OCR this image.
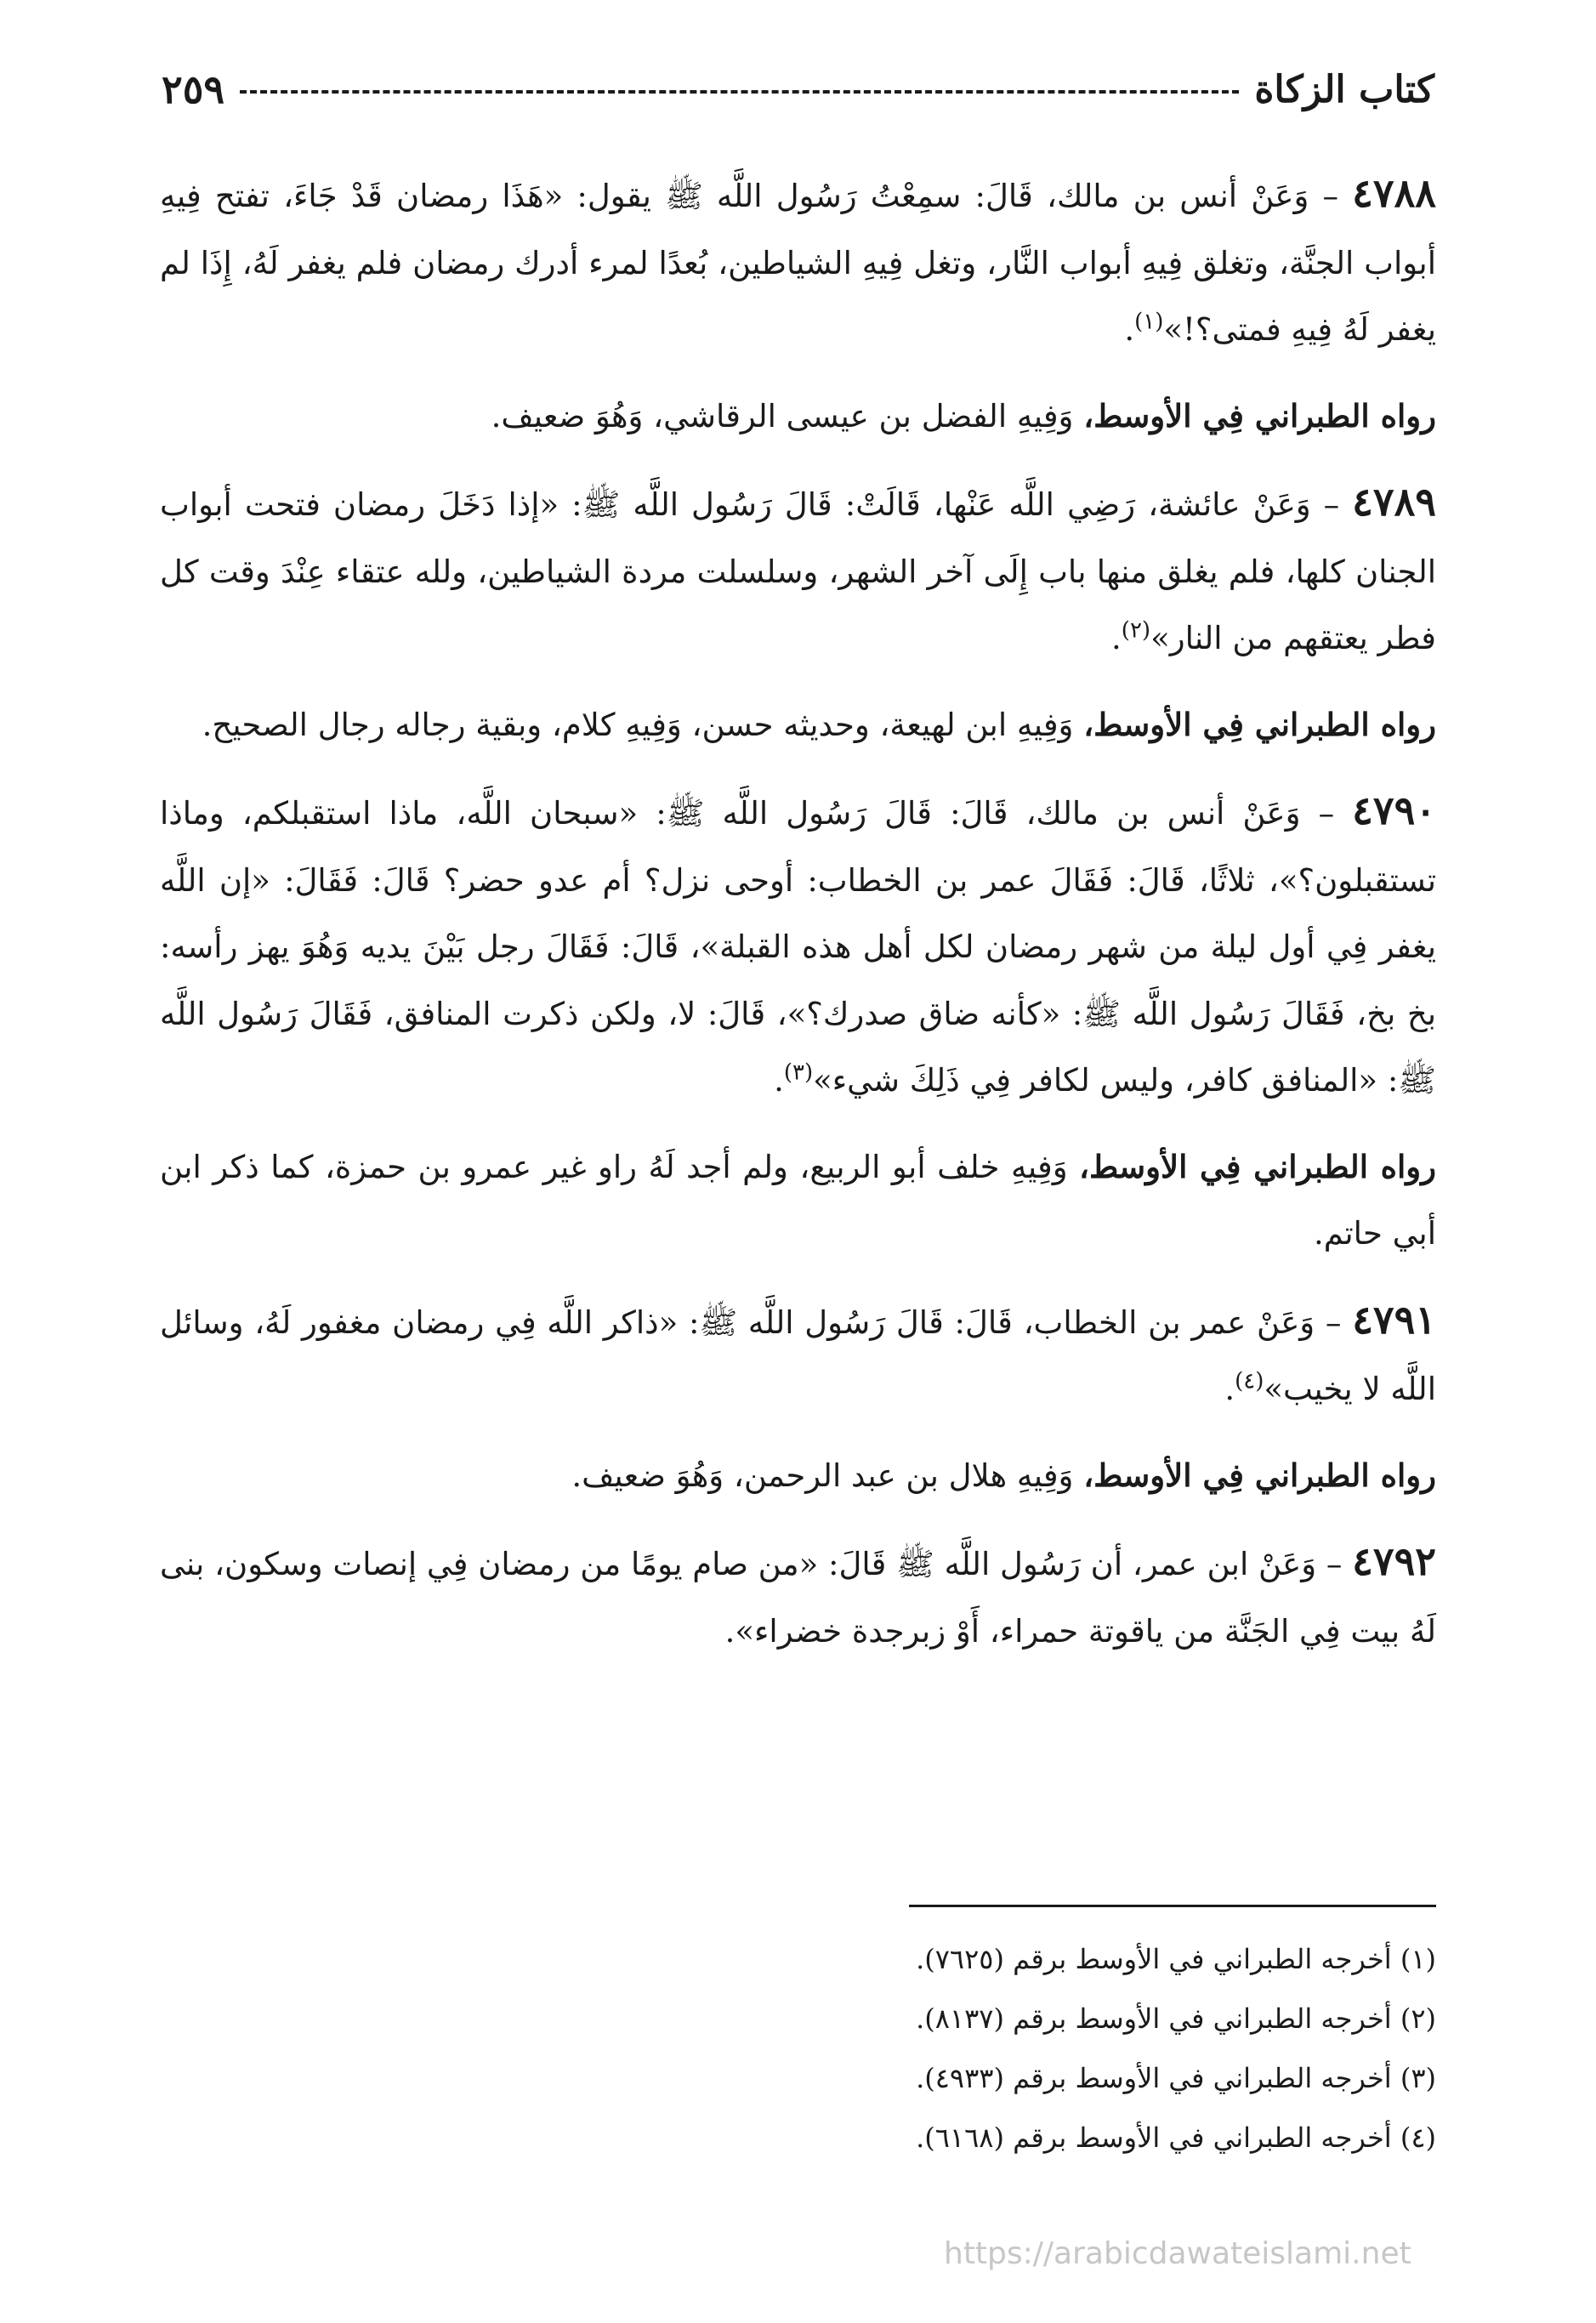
كتاب الزكاة
٢٥٩

٤٧٨٨ – وَعَنْ أنس بن مالك، قَالَ: سمِعْتُ رَسُول اللَّه ﷺ يقول: «هَذَا رمضان قَدْ جَاءَ، تفتح فِيهِ أبواب الجنَّة، وتغلق فِيهِ أبواب النَّار، وتغل فِيهِ الشياطين، بُعدًا لمرء أدرك رمضان فلم يغفر لَهُ، إِذَا لم يغفر لَهُ فِيهِ فمتى؟!»$^{(١)}$.

رواه الطبراني فِي الأوسط، وَفِيهِ الفضل بن عيسى الرقاشي، وَهُوَ ضعيف.

٤٧٨٩ – وَعَنْ عائشة، رَضِي اللَّه عَنْها، قَالَتْ: قَالَ رَسُول اللَّه ﷺ: «إذا دَخَلَ رمضان فتحت أبواب الجنان كلها، فلم يغلق منها باب إِلَى آخر الشهر، وسلسلت مردة الشياطين، ولله عتقاء عِنْدَ وقت كل فطر يعتقهم من النار»$^{(٢)}$.

رواه الطبراني فِي الأوسط، وَفِيهِ ابن لهيعة، وحديثه حسن، وَفِيهِ كلام، وبقية رجاله رجال الصحيح.

٤٧٩٠ – وَعَنْ أنس بن مالك، قَالَ: قَالَ رَسُول اللَّه ﷺ: «سبحان اللَّه، ماذا استقبلكم، وماذا تستقبلون؟»، ثلاثًا، قَالَ: فَقَالَ عمر بن الخطاب: أوحى نزل؟ أم عدو حضر؟ قَالَ: فَقَالَ: «إن اللَّه يغفر فِي أول ليلة من شهر رمضان لكل أهل هذه القبلة»، قَالَ: فَقَالَ رجل بَيْنَ يديه وَهُوَ يهز رأسه: بخ بخ، فَقَالَ رَسُول اللَّه ﷺ: «كأنه ضاق صدرك؟»، قَالَ: لا، ولكن ذكرت المنافق، فَقَالَ رَسُول اللَّه ﷺ: «المنافق كافر، وليس لكافر فِي ذَلِكَ شيء»$^{(٣)}$.

رواه الطبراني فِي الأوسط، وَفِيهِ خلف أبو الربيع، ولم أجد لَهُ راو غير عمرو بن حمزة، كما ذكر ابن أبي حاتم.

٤٧٩١ – وَعَنْ عمر بن الخطاب، قَالَ: قَالَ رَسُول اللَّه ﷺ: «ذاكر اللَّه فِي رمضان مغفور لَهُ، وسائل اللَّه لا يخيب»$^{(٤)}$.

رواه الطبراني فِي الأوسط، وَفِيهِ هلال بن عبد الرحمن، وَهُوَ ضعيف.

٤٧٩٢ – وَعَنْ ابن عمر، أن رَسُول اللَّه ﷺ قَالَ: «من صام يومًا من رمضان فِي إنصات وسكون، بنى لَهُ بيت فِي الجَنَّة من ياقوتة حمراء، أَوْ زبرجدة خضراء».

(١) أخرجه الطبراني في الأوسط برقم (٧٦٢٥).
(٢) أخرجه الطبراني في الأوسط برقم (٨١٣٧).
(٣) أخرجه الطبراني في الأوسط برقم (٤٩٣٣).
(٤) أخرجه الطبراني في الأوسط برقم (٦١٦٨).
https://arabicdawateislami.net
